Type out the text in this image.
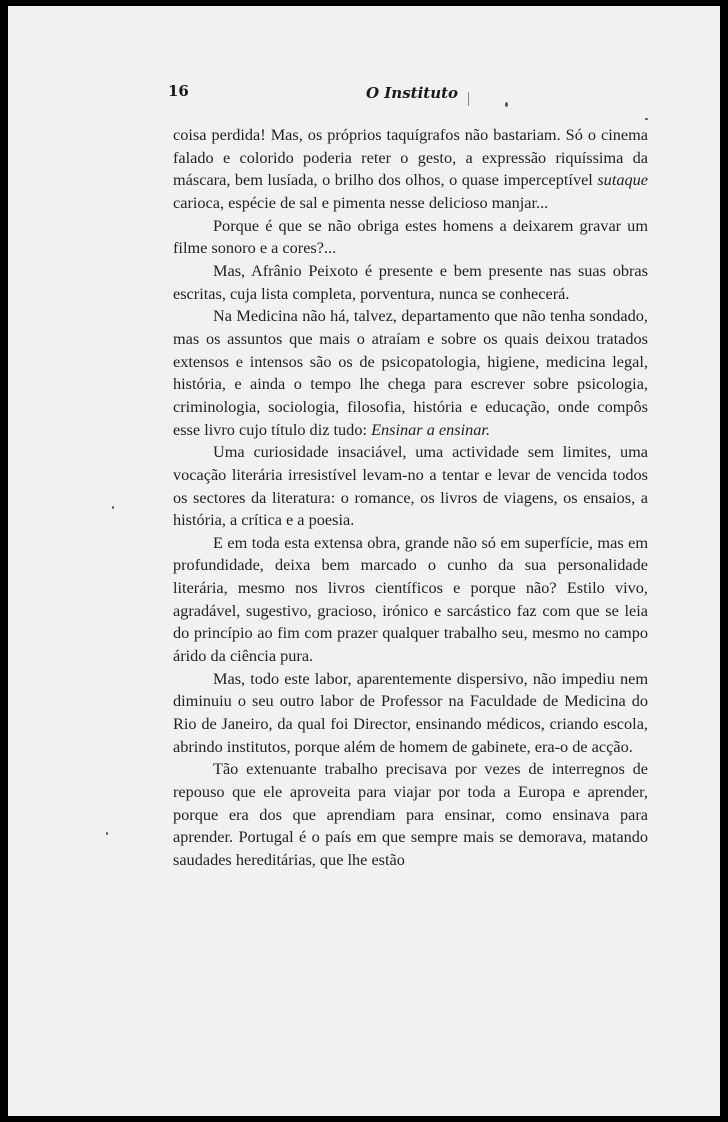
16	O Instituto

coisa perdida! Mas, os próprios taquígrafos não bastariam. Só o cinema falado e colorido poderia reter o gesto, a expressão riquíssima da máscara, bem lusíada, o brilho dos olhos, o quase imperceptível sutaque carioca, espécie de sal e pimenta nesse delicioso manjar...

Porque é que se não obriga estes homens a deixarem gravar um filme sonoro e a cores?...

Mas, Afrânio Peixoto é presente e bem presente nas suas obras escritas, cuja lista completa, porventura, nunca se conhecerá.

Na Medicina não há, talvez, departamento que não tenha sondado, mas os assuntos que mais o atraíam e sobre os quais deixou tratados extensos e intensos são os de psicopatologia, higiene, medicina legal, história, e ainda o tempo lhe chega para escrever sobre psicologia, criminologia, sociologia, filosofia, história e educação, onde compôs esse livro cujo título diz tudo: Ensinar a ensinar.

Uma curiosidade insaciável, uma actividade sem limites, uma vocação literária irresistível levam-no a tentar e levar de vencida todos os sectores da literatura: o romance, os livros de viagens, os ensaios, a história, a crítica e a poesia.

E em toda esta extensa obra, grande não só em superfície, mas em profundidade, deixa bem marcado o cunho da sua personalidade literária, mesmo nos livros científicos e porque não? Estilo vivo, agradável, sugestivo, gracioso, irónico e sarcástico faz com que se leia do princípio ao fim com prazer qualquer trabalho seu, mesmo no campo árido da ciência pura.

Mas, todo este labor, aparentemente dispersivo, não impediu nem diminuiu o seu outro labor de Professor na Faculdade de Medicina do Rio de Janeiro, da qual foi Director, ensinando médicos, criando escola, abrindo institutos, porque além de homem de gabinete, era-o de acção.

Tão extenuante trabalho precisava por vezes de interregnos de repouso que ele aproveita para viajar por toda a Europa e aprender, porque era dos que aprendiam para ensinar, como ensinava para aprender. Portugal é o país em que sempre mais se demorava, matando saudades hereditárias, que lhe estão
